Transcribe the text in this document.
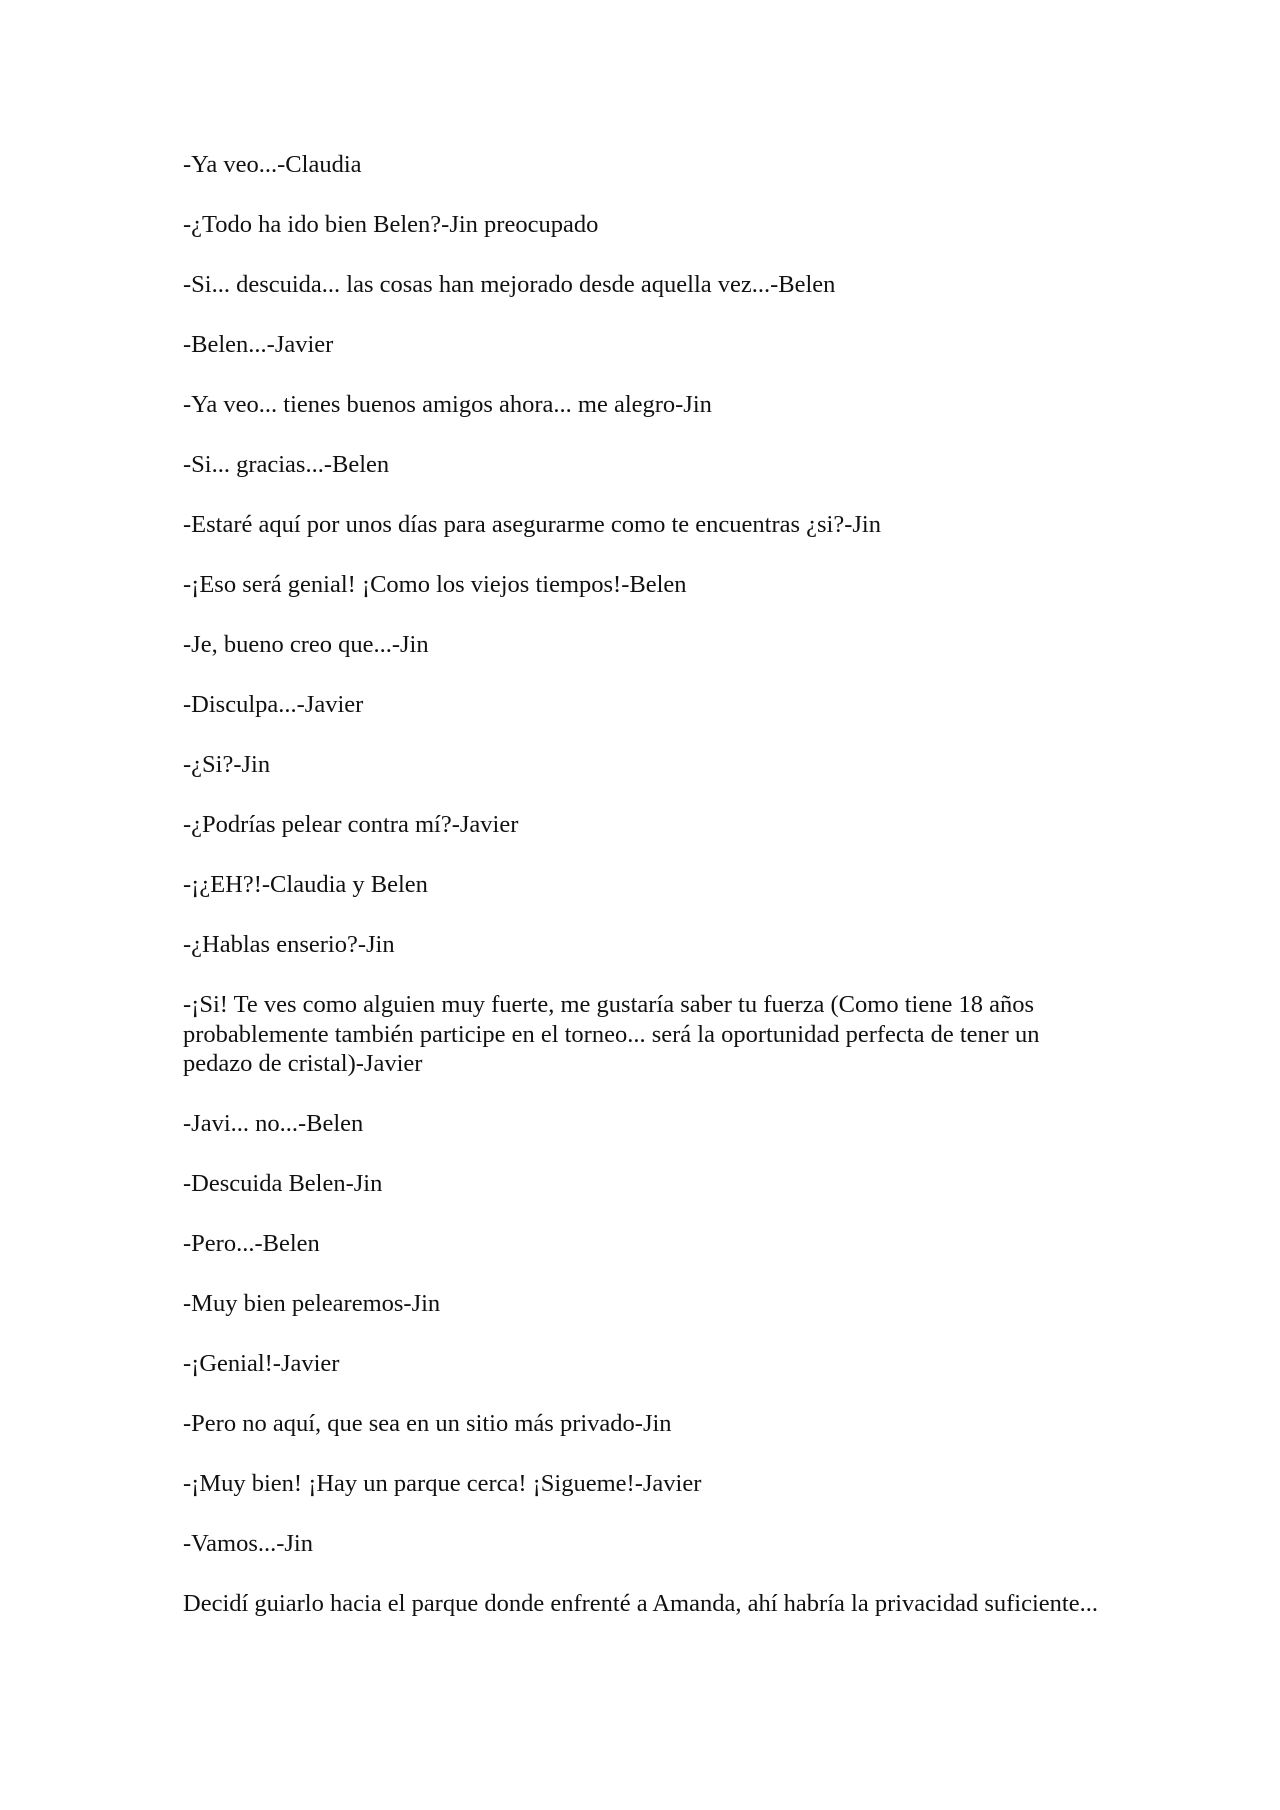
-Ya veo...-Claudia

-¿Todo ha ido bien Belen?-Jin preocupado

-Si... descuida... las cosas han mejorado desde aquella vez...-Belen

-Belen...-Javier

-Ya veo... tienes buenos amigos ahora... me alegro-Jin

-Si... gracias...-Belen

-Estaré aquí por unos días para asegurarme como te encuentras ¿si?-Jin

-¡Eso será genial! ¡Como los viejos tiempos!-Belen

-Je, bueno creo que...-Jin

-Disculpa...-Javier

-¿Si?-Jin

-¿Podrías pelear contra mí?-Javier

-¡¿EH?!-Claudia y Belen

-¿Hablas enserio?-Jin

-¡Si! Te ves como alguien muy fuerte, me gustaría saber tu fuerza (Como tiene 18 años probablemente también participe en el torneo... será la oportunidad perfecta de tener un pedazo de cristal)-Javier

-Javi... no...-Belen

-Descuida Belen-Jin

-Pero...-Belen

-Muy bien pelearemos-Jin

-¡Genial!-Javier

-Pero no aquí, que sea en un sitio más privado-Jin

-¡Muy bien! ¡Hay un parque cerca! ¡Sigueme!-Javier

-Vamos...-Jin

Decidí guiarlo hacia el parque donde enfrenté a Amanda, ahí habría la privacidad suficiente...
